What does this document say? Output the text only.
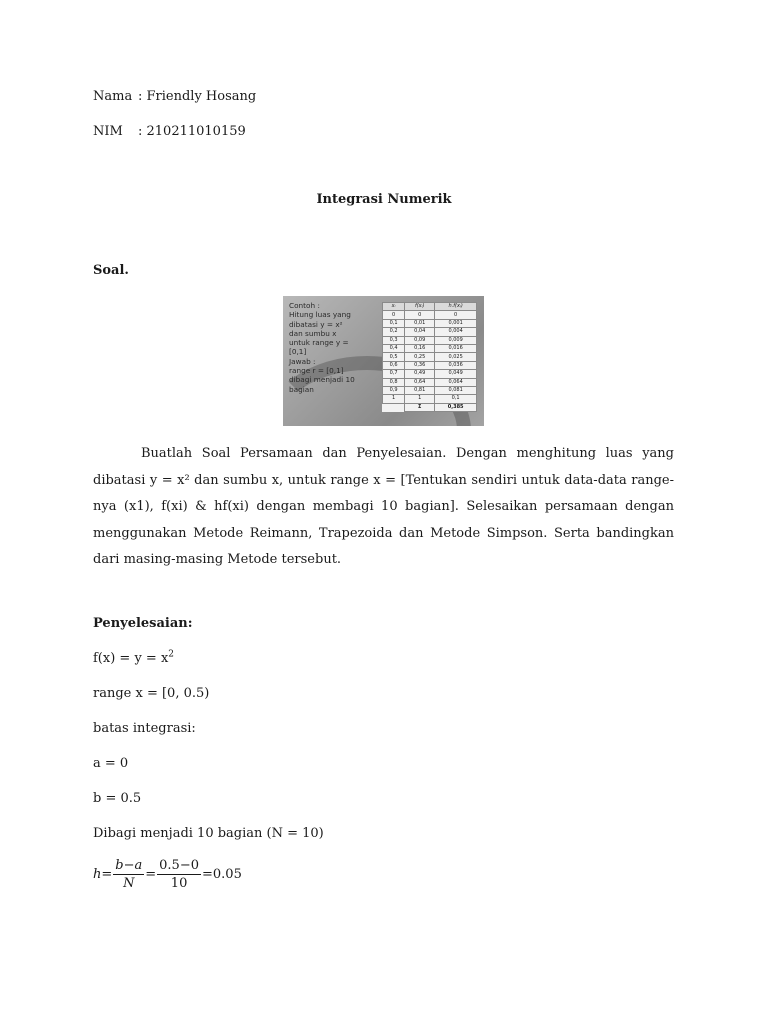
Nama : Friendly Hosang
NIM : 210211010159
Integrasi Numerik
Soal.
Contoh :
Hitung luas yang
dibatasi y = x²
dan sumbu x
untuk range y =
[0,1]
Jawab :
range r = [0,1]
dibagi menjadi 10
bagian
xᵢ	f(xᵢ)	h.f(xᵢ)
0	0	0
0,1	0,01	0,001
0,2	0,04	0,004
0,3	0,09	0,009
0,4	0,16	0,016
0,5	0,25	0,025
0,6	0,36	0,036
0,7	0,49	0,049
0,8	0,64	0,064
0,9	0,81	0,081
1	1	0,1
	Σ	0,385
Buatlah Soal Persamaan dan Penyelesaian. Dengan menghitung luas yang dibatasi y = x² dan sumbu x, untuk range x = [Tentukan sendiri untuk data-data range-nya (x1), f(xi) & hf(xi) dengan membagi 10 bagian]. Selesaikan persamaan dengan menggunakan Metode Reimann, Trapezoida dan Metode Simpson. Serta bandingkan dari masing-masing Metode tersebut.
Penyelesaian:
$f(x) = y = x^2$
range x = [0, 0.5)
batas integrasi:
a = 0
b = 0.5
Dibagi menjadi 10 bagian (N = 10)
$h= \frac{b-a}{N} = \frac{0.5-0}{10} =0.05$
